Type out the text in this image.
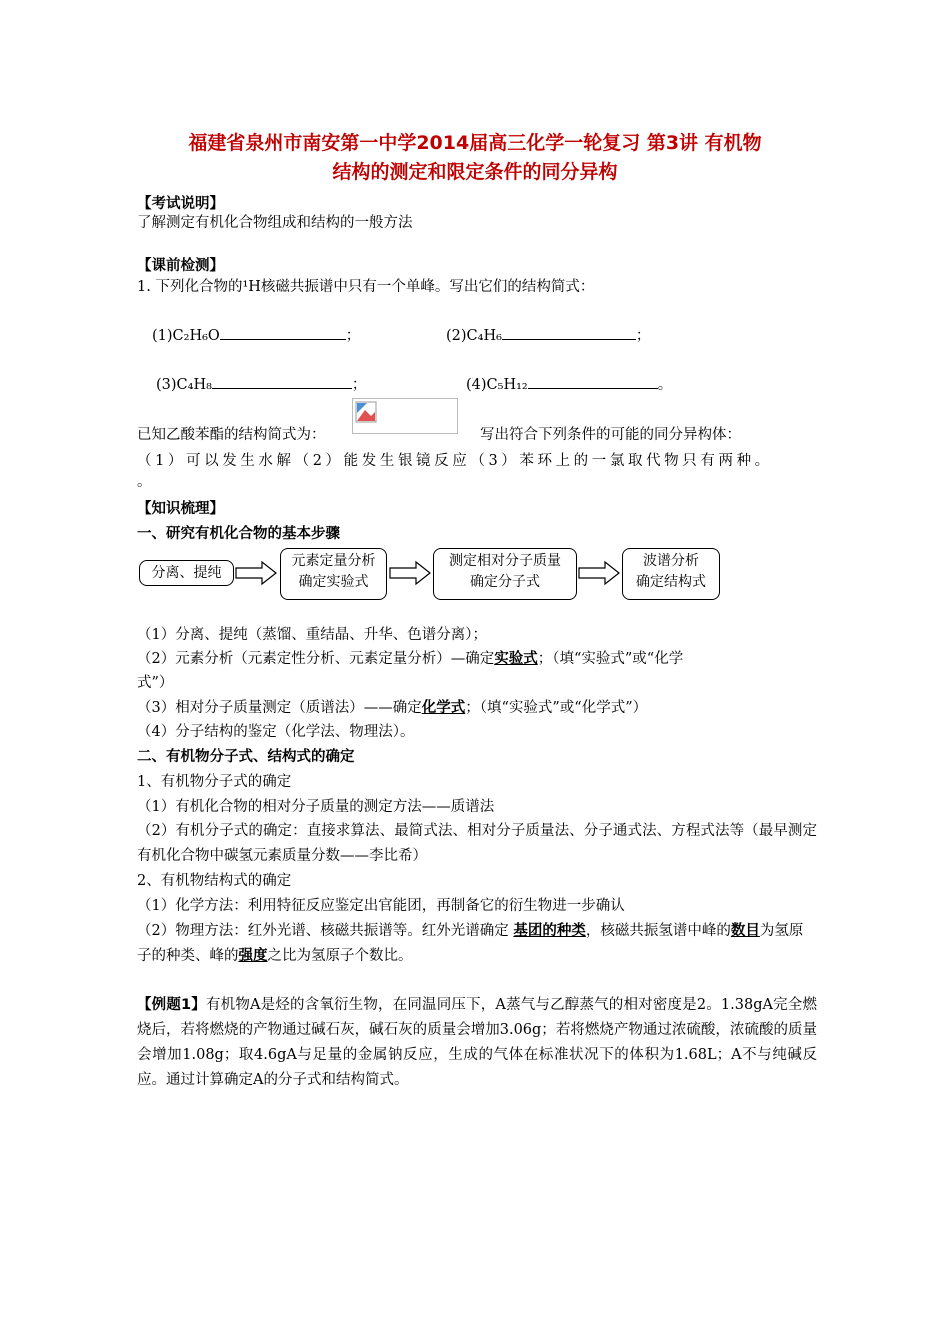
福建省泉州市南安第一中学2014届高三化学一轮复习 第3讲 有机物
结构的测定和限定条件的同分异构
【考试说明】
了解测定有机化合物组成和结构的一般方法
【课前检测】
1. 下列化合物的¹H核磁共振谱中只有一个单峰。写出它们的结构简式：
(1)C₂H₆O	；	(2)C₄H₆	；
(3)C₄H₈	；	(4)C₅H₁₂	。
已知乙酸苯酯的结构简式为：	写出符合下列条件的可能的同分异构体：
（1）可以发生水解（2）能发生银镜反应（3）苯环上的一氯取代物只有两种。
。
【知识梳理】
一、研究有机化合物的基本步骤
分离、提纯
元素定量分析
确定实验式
测定相对分子质量
确定分子式
波谱分析
确定结构式
（1）分离、提纯（蒸馏、重结晶、升华、色谱分离）；
（2）元素分析（元素定性分析、元素定量分析）—确定实验式；（填“实验式”或“化学
式”）
（3）相对分子质量测定（质谱法）——确定化学式；（填“实验式”或“化学式”）
（4）分子结构的鉴定（化学法、物理法）。
二、有机物分子式、结构式的确定
1、有机物分子式的确定
（1）有机化合物的相对分子质量的测定方法——质谱法
（2）有机分子式的确定：直接求算法、最简式法、相对分子质量法、分子通式法、方程式法等（最早测定有机化合物中碳氢元素质量分数——李比希）
2、有机物结构式的确定
（1）化学方法：利用特征反应鉴定出官能团，再制备它的衍生物进一步确认
（2）物理方法：红外光谱、核磁共振谱等。红外光谱确定 基团的种类，核磁共振氢谱中峰的数目为氢原子的种类、峰的强度之比为氢原子个数比。
【例题1】有机物A是烃的含氧衍生物，在同温同压下，A蒸气与乙醇蒸气的相对密度是2。1.38gA完全燃烧后，若将燃烧的产物通过碱石灰，碱石灰的质量会增加3.06g；若将燃烧产物通过浓硫酸，浓硫酸的质量会增加1.08g；取4.6gA与足量的金属钠反应，生成的气体在标准状况下的体积为1.68L；A不与纯碱反应。通过计算确定A的分子式和结构简式。
